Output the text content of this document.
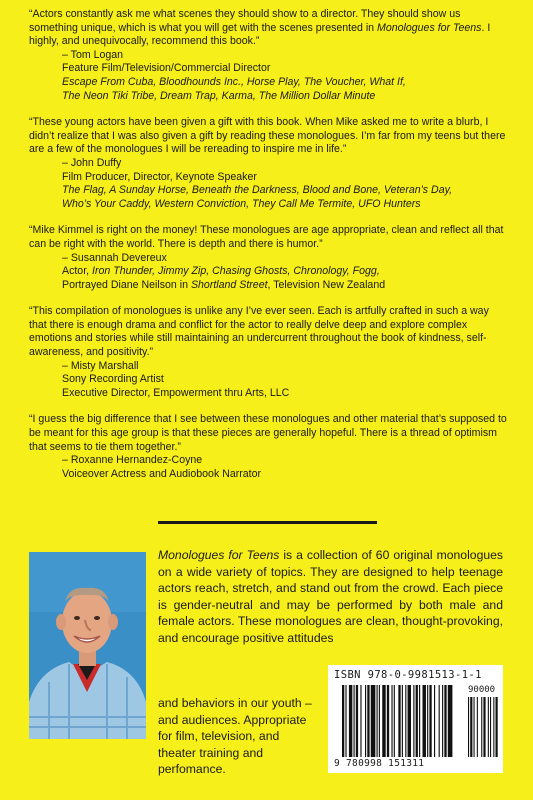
“Actors constantly ask me what scenes they should show to a director. They should show us something unique, which is what you will get with the scenes presented in Monologues for Teens. I highly, and unequivocally, recommend this book.”

– Tom Logan

Feature Film/Television/Commercial Director

Escape From Cuba, Bloodhounds Inc., Horse Play, The Voucher, What If,

The Neon Tiki Tribe, Dream Trap, Karma, The Million Dollar Minute

“These young actors have been given a gift with this book. When Mike asked me to write a blurb, I didn’t realize that I was also given a gift by reading these monologues. I’m far from my teens but there are a few of the monologues I will be rereading to inspire me in life.”

– John Duffy

Film Producer, Director, Keynote Speaker

The Flag, A Sunday Horse, Beneath the Darkness, Blood and Bone, Veteran’s Day,

Who’s Your Caddy, Western Conviction, They Call Me Termite, UFO Hunters

“Mike Kimmel is right on the money! These monologues are age appropriate, clean and reflect all that can be right with the world. There is depth and there is humor.”

– Susannah Devereux

Actor, Iron Thunder, Jimmy Zip, Chasing Ghosts, Chronology, Fogg,

Portrayed Diane Neilson in Shortland Street, Television New Zealand

“This compilation of monologues is unlike any I’ve ever seen. Each is artfully crafted in such a way that there is enough drama and conflict for the actor to really delve deep and explore complex emotions and stories while still maintaining an undercurrent throughout the book of kindness, self-awareness, and positivity.”

– Misty Marshall

Sony Recording Artist

Executive Director, Empowerment thru Arts, LLC

“I guess the big difference that I see between these monologues and other material that’s supposed to be meant for this age group is that these pieces are generally hopeful. There is a thread of optimism that seems to tie them together.”

– Roxanne Hernandez-Coyne

Voiceover Actress and Audiobook Narrator

Monologues for Teens is a collection of 60 original monologues on a wide variety of topics. They are designed to help teenage actors reach, stretch, and stand out from the crowd. Each piece is gender-neutral and may be performed by both male and female actors. These monologues are clean, thought-provoking, and encourage positive attitudes

and behaviors in our youth – and audiences. Appropriate for film, television, and theater training and perfomance.

ISBN 978-0-9981513-1-1
90000
9 780998 151311
